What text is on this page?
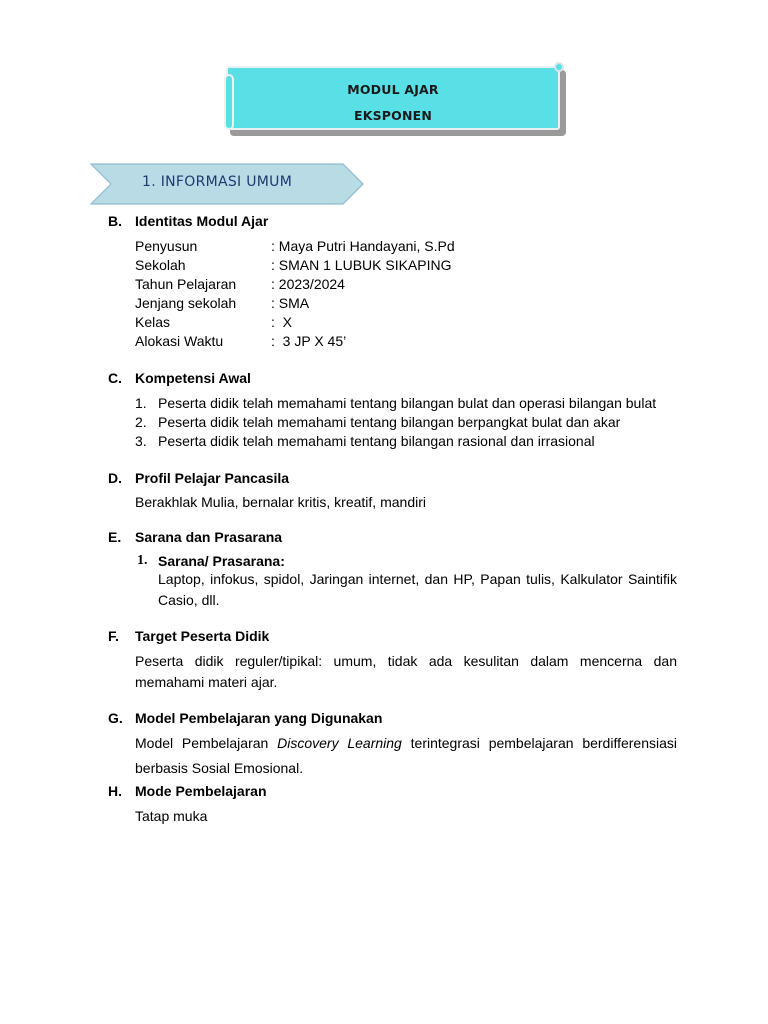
MODUL AJAR
EKSPONEN
1. INFORMASI UMUM
B. Identitas Modul Ajar
Penyusun	: Maya Putri Handayani, S.Pd
Sekolah	: SMAN 1 LUBUK SIKAPING
Tahun Pelajaran : 2023/2024
Jenjang sekolah : SMA
Kelas	:  X
Alokasi Waktu	:  3 JP X 45’
C. Kompetensi Awal
1. Peserta didik telah memahami tentang bilangan bulat dan operasi bilangan bulat
2. Peserta didik telah memahami tentang bilangan berpangkat bulat dan akar
3. Peserta didik telah memahami tentang bilangan rasional dan irrasional
D. Profil Pelajar Pancasila
Berakhlak Mulia, bernalar kritis, kreatif, mandiri
E. Sarana dan Prasarana
1. Sarana/ Prasarana:
Laptop, infokus, spidol, Jaringan internet, dan HP, Papan tulis, Kalkulator Saintifik Casio, dll.
F. Target Peserta Didik
Peserta didik reguler/tipikal: umum, tidak ada kesulitan dalam mencerna dan memahami materi ajar.
G. Model Pembelajaran yang Digunakan
Model Pembelajaran Discovery Learning terintegrasi pembelajaran berdifferensiasi berbasis Sosial Emosional.
H. Mode Pembelajaran
Tatap muka
